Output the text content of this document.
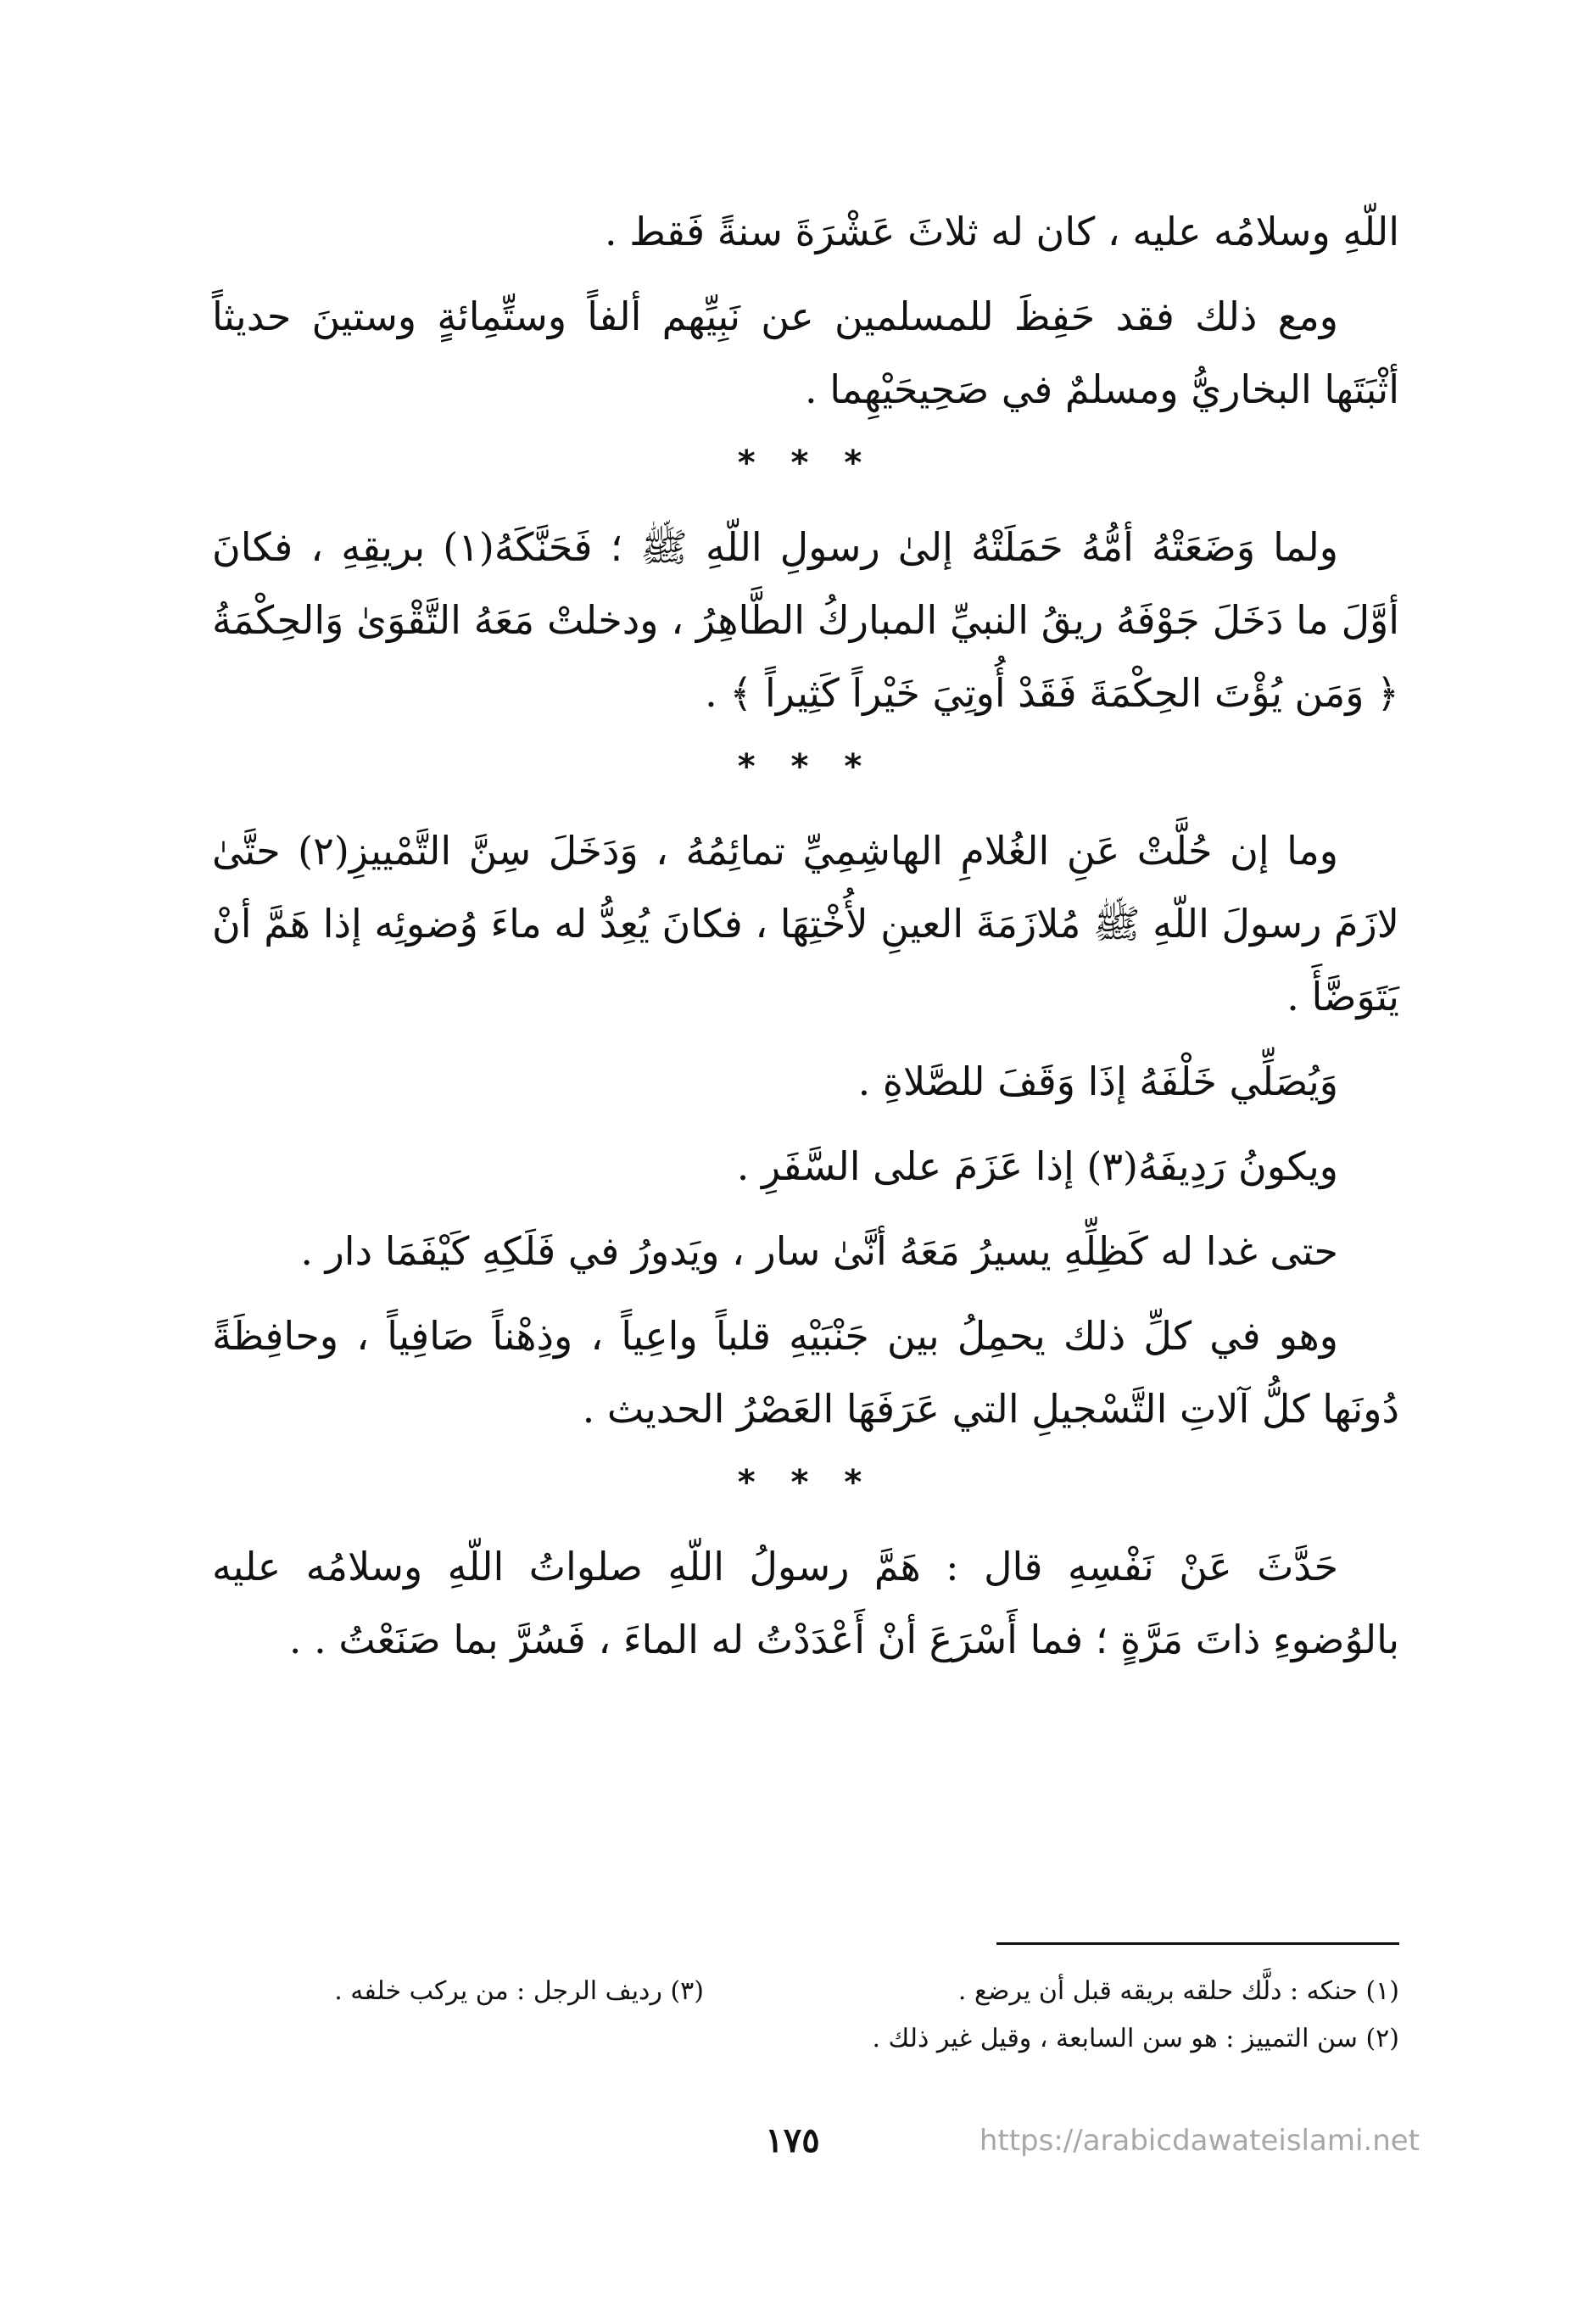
اللّهِ وسلامُه عليه ، كان له ثلاثَ عَشْرَةَ سنةً فَقط .

ومع ذلك فقد حَفِظَ للمسلمين عن نَبِيِّهم ألفاً وستِّمِائةٍ وستينَ حديثاً أثْبَتَها البخاريُّ ومسلمٌ في صَحِيحَيْهِما .

* * *

ولما وَضَعَتْهُ أمُّهُ حَمَلَتْهُ إلىٰ رسولِ اللّهِ ﷺ ؛ فَحَنَّكَهُ(١) بريقِهِ ، فكانَ أوَّلَ ما دَخَلَ جَوْفَهُ ريقُ النبيِّ المباركُ الطَّاهِرُ ، ودخلتْ مَعَهُ التَّقْوَىٰ وَالحِكْمَةُ ﴿ وَمَن يُؤْتَ الحِكْمَةَ فَقَدْ أُوتِيَ خَيْراً كَثِيراً ﴾ .

* * *

وما إن حُلَّتْ عَنِ الغُلامِ الهاشِمِيِّ تمائِمُهُ ، وَدَخَلَ سِنَّ التَّمْييزِ(٢) حتَّىٰ لازَمَ رسولَ اللّهِ ﷺ مُلازَمَةَ العينِ لأُخْتِهَا ، فكانَ يُعِدُّ له ماءَ وُضوئِه إذا هَمَّ أنْ يَتَوَضَّأَ .

وَيُصَلِّي خَلْفَهُ إذَا وَقَفَ للصَّلاةِ .

ويكونُ رَدِيفَهُ(٣) إذا عَزَمَ على السَّفَرِ .

حتى غدا له كَظِلِّهِ يسيرُ مَعَهُ أنَّىٰ سار ، ويَدورُ في فَلَكِهِ كَيْفَمَا دار .

وهو في كلِّ ذلك يحمِلُ بين جَنْبَيْهِ قلباً واعِياً ، وذِهْناً صَافِياً ، وحافِظَةً دُونَها كلُّ آلاتِ التَّسْجيلِ التي عَرَفَهَا العَصْرُ الحديث .

* * *

حَدَّثَ عَنْ نَفْسِهِ قال : هَمَّ رسولُ اللّهِ صلواتُ اللّهِ وسلامُه عليه بالوُضوءِ ذاتَ مَرَّةٍ ؛ فما أَسْرَعَ أنْ أَعْدَدْتُ له الماءَ ، فَسُرَّ بما صَنَعْتُ . .

(١) حنكه : دلَّك حلقه بريقه قبل أن يرضع .
(٢) سن التمييز : هو سن السابعة ، وقيل غير ذلك .
(٣) رديف الرجل : من يركب خلفه .
١٧٥	https://arabicdawateislami.net
